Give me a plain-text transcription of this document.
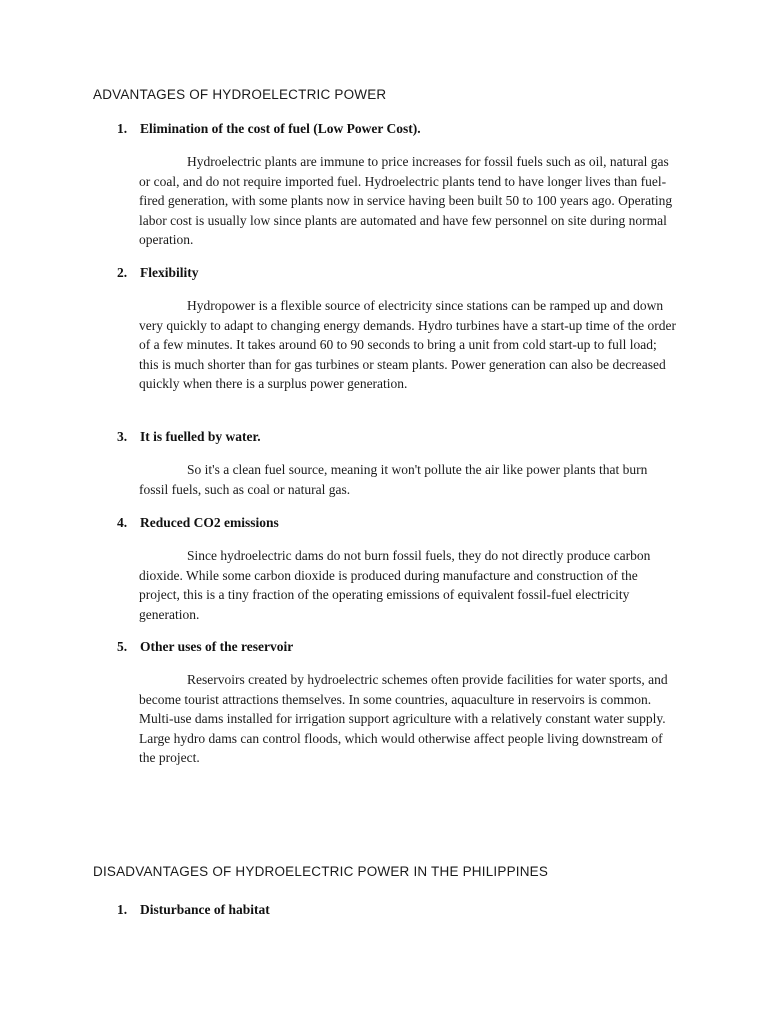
ADVANTAGES OF HYDROELECTRIC POWER
1. Elimination of the cost of fuel (Low Power Cost).

Hydroelectric plants are immune to price increases for fossil fuels such as oil, natural gas or coal, and do not require imported fuel. Hydroelectric plants tend to have longer lives than fuel-fired generation, with some plants now in service having been built 50 to 100 years ago. Operating labor cost is usually low since plants are automated and have few personnel on site during normal operation.

2. Flexibility

Hydropower is a flexible source of electricity since stations can be ramped up and down very quickly to adapt to changing energy demands. Hydro turbines have a start-up time of the order of a few minutes. It takes around 60 to 90 seconds to bring a unit from cold start-up to full load; this is much shorter than for gas turbines or steam plants. Power generation can also be decreased quickly when there is a surplus power generation.

3. It is fuelled by water.

So it's a clean fuel source, meaning it won't pollute the air like power plants that burn fossil fuels, such as coal or natural gas.

4. Reduced CO2 emissions

Since hydroelectric dams do not burn fossil fuels, they do not directly produce carbon dioxide. While some carbon dioxide is produced during manufacture and construction of the project, this is a tiny fraction of the operating emissions of equivalent fossil-fuel electricity generation.

5. Other uses of the reservoir

Reservoirs created by hydroelectric schemes often provide facilities for water sports, and become tourist attractions themselves. In some countries, aquaculture in reservoirs is common. Multi-use dams installed for irrigation support agriculture with a relatively constant water supply. Large hydro dams can control floods, which would otherwise affect people living downstream of the project.

DISADVANTAGES OF HYDROELECTRIC POWER IN THE PHILIPPINES
1. Disturbance of habitat
